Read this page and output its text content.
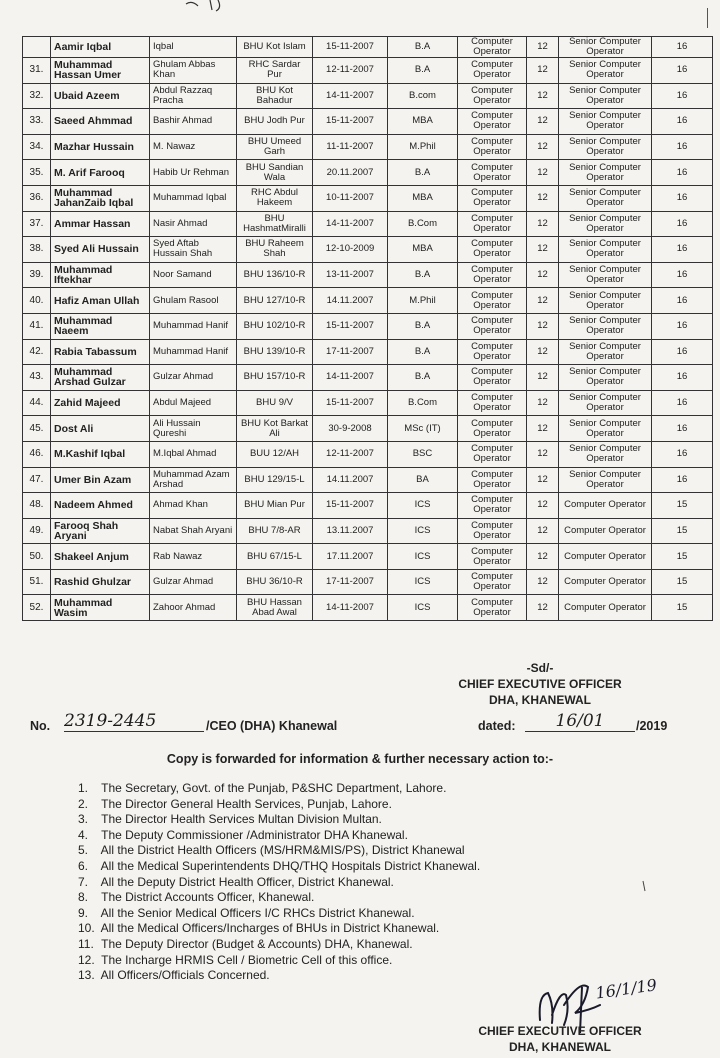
	Aamir Iqbal	Iqbal	BHU Kot Islam	15-11-2007	B.A	Computer Operator	12	Senior Computer Operator	16
31.	Muhammad Hassan Umer	Ghulam Abbas Khan	RHC Sardar Pur	12-11-2007	B.A	Computer Operator	12	Senior Computer Operator	16
32.	Ubaid Azeem	Abdul Razzaq Pracha	BHU Kot Bahadur	14-11-2007	B.com	Computer Operator	12	Senior Computer Operator	16
33.	Saeed Ahmmad	Bashir Ahmad	BHU Jodh Pur	15-11-2007	MBA	Computer Operator	12	Senior Computer Operator	16
34.	Mazhar Hussain	M. Nawaz	BHU Umeed Garh	11-11-2007	M.Phil	Computer Operator	12	Senior Computer Operator	16
35.	M. Arif Farooq	Habib Ur Rehman	BHU Sandian Wala	20.11.2007	B.A	Computer Operator	12	Senior Computer Operator	16
36.	Muhammad JahanZaib Iqbal	Muhammad Iqbal	RHC Abdul Hakeem	10-11-2007	MBA	Computer Operator	12	Senior Computer Operator	16
37.	Ammar Hassan	Nasir Ahmad	BHU HashmatMiralli	14-11-2007	B.Com	Computer Operator	12	Senior Computer Operator	16
38.	Syed Ali Hussain	Syed Aftab Hussain Shah	BHU Raheem Shah	12-10-2009	MBA	Computer Operator	12	Senior Computer Operator	16
39.	Muhammad Iftekhar	Noor Samand	BHU 136/10-R	13-11-2007	B.A	Computer Operator	12	Senior Computer Operator	16
40.	Hafiz Aman Ullah	Ghulam Rasool	BHU 127/10-R	14.11.2007	M.Phil	Computer Operator	12	Senior Computer Operator	16
41.	Muhammad Naeem	Muhammad Hanif	BHU 102/10-R	15-11-2007	B.A	Computer Operator	12	Senior Computer Operator	16
42.	Rabia Tabassum	Muhammad Hanif	BHU 139/10-R	17-11-2007	B.A	Computer Operator	12	Senior Computer Operator	16
43.	Muhammad Arshad Gulzar	Gulzar Ahmad	BHU 157/10-R	14-11-2007	B.A	Computer Operator	12	Senior Computer Operator	16
44.	Zahid Majeed	Abdul Majeed	BHU 9/V	15-11-2007	B.Com	Computer Operator	12	Senior Computer Operator	16
45.	Dost Ali	Ali Hussain Qureshi	BHU Kot Barkat Ali	30-9-2008	MSc (IT)	Computer Operator	12	Senior Computer Operator	16
46.	M.Kashif Iqbal	M.Iqbal Ahmad	BUU 12/AH	12-11-2007	BSC	Computer Operator	12	Senior Computer Operator	16
47.	Umer Bin Azam	Muhammad Azam Arshad	BHU 129/15-L	14.11.2007	BA	Computer Operator	12	Senior Computer Operator	16
48.	Nadeem Ahmed	Ahmad Khan	BHU Mian Pur	15-11-2007	ICS	Computer Operator	12	Computer Operator	15
49.	Farooq Shah Aryani	Nabat Shah Aryani	BHU 7/8-AR	13.11.2007	ICS	Computer Operator	12	Computer Operator	15
50.	Shakeel Anjum	Rab Nawaz	BHU 67/15-L	17.11.2007	ICS	Computer Operator	12	Computer Operator	15
51.	Rashid Ghulzar	Gulzar Ahmad	BHU 36/10-R	17-11-2007	ICS	Computer Operator	12	Computer Operator	15
52.	Muhammad Wasim	Zahoor Ahmad	BHU Hassan Abad Awal	14-11-2007	ICS	Computer Operator	12	Computer Operator	15
-Sd/-
CHIEF EXECUTIVE OFFICER
DHA, KHANEWAL
No. 2319-2445	/CEO (DHA) Khanewal	dated:	16/01	/2019
Copy is forwarded for information & further necessary action to:-
1. The Secretary, Govt. of the Punjab, P&SHC Department, Lahore.
2. The Director General Health Services, Punjab, Lahore.
3. The Director Health Services Multan Division Multan.
4. The Deputy Commissioner /Administrator DHA Khanewal.
5. All the District Health Officers (MS/HRM&MIS/PS), District Khanewal
6. All the Medical Superintendents DHQ/THQ Hospitals District Khanewal.
7. All the Deputy District Health Officer, District Khanewal.
8. The District Accounts Officer, Khanewal.
9. All the Senior Medical Officers I/C RHCs District Khanewal.
10. All the Medical Officers/Incharges of BHUs in District Khanewal.
11. The Deputy Director (Budget & Accounts) DHA, Khanewal.
12. The Incharge HRMIS Cell / Biometric Cell of this office.
13. All Officers/Officials Concerned.
16/1/19
CHIEF EXECUTIVE OFFICER
DHA, KHANEWAL
